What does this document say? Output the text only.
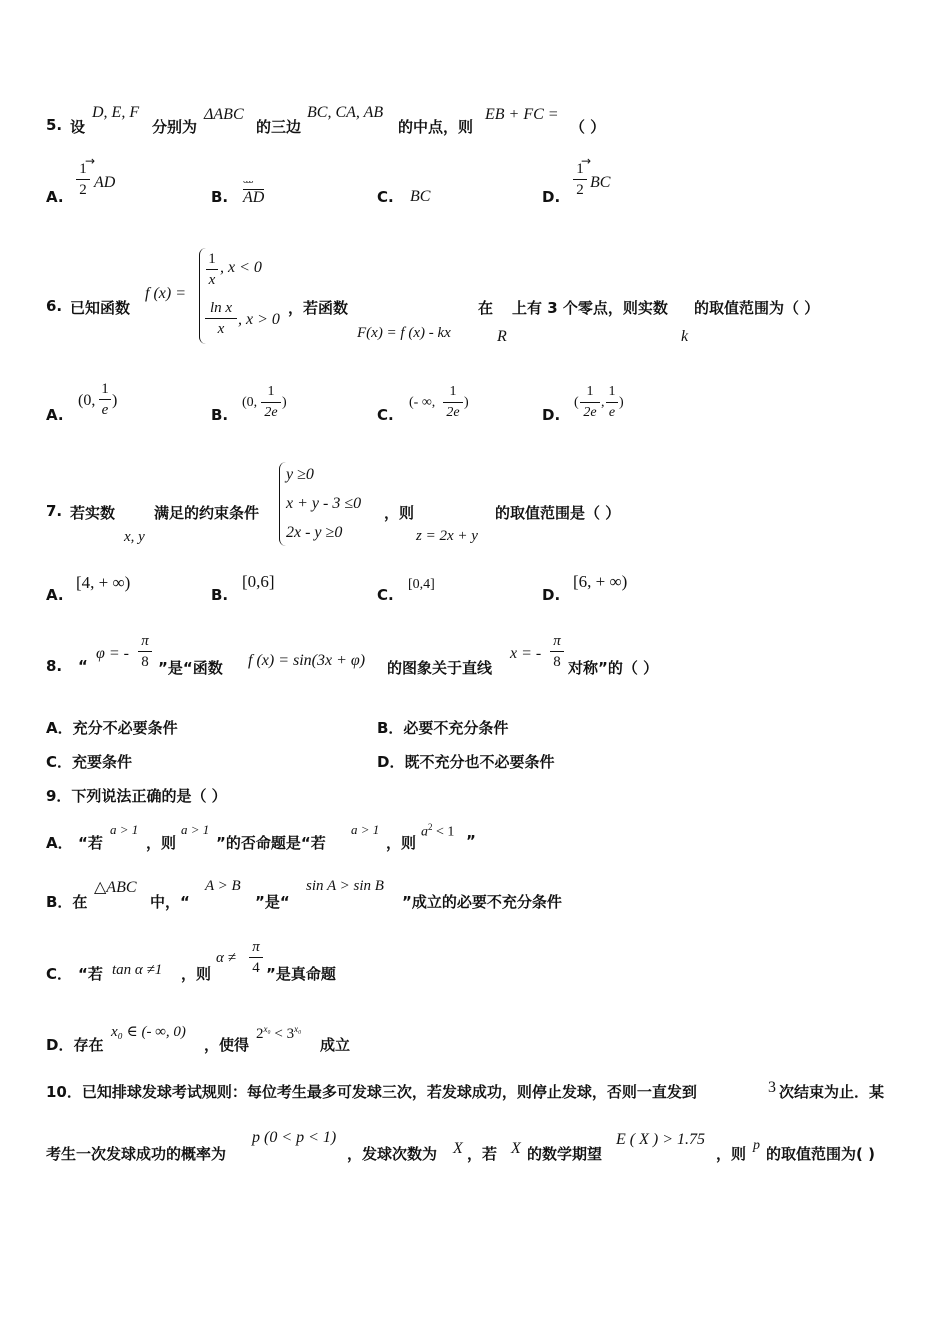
5. 设
D, E, F
分别为
ΔABC
的三边
BC, CA, AB
的中点，则
EB + FC =
（ ）
A.
1
2
→
AD
B.
ᵕᵕᵕ
AD	C. BC	D.
1
2
→
BC
6. 已知函数
f (x) =
1
x
, x < 0
ln x
x
, x > 0
，若函数
F(x) = f (x) - kx
在
R
上有 3 个零点，则实数
k
的取值范围为（ ）
A.
(0,
1
e
)
B.
(0,
1
2e
)
C.
(- ∞,
1
2e
)
D.
(
1
2e
,
1
e
)
7. 若实数
x, y
满足的约束条件
y ≥0
x + y - 3 ≤0
2x - y ≥0
，则
z = 2x + y
的取值范围是（ ）
A.
[4, + ∞)
B.
[0,6]
C.
[0,4]
D.
[6, + ∞)
8. “
φ = -
π
8 ”是“函数 f (x) = sin(3x + φ) 的图象关于直线
x = -
π
8 对称”的（ ）
A．充分不必要条件	B．必要不充分条件
C．充要条件	D．既不充分也不必要条件
9．下列说法正确的是（ ）
A． “若
a > 1
，则
a > 1
”的否命题是“若
a > 1
，则
$a^2 < 1$ ”
B．在
△ABC
中，“
A > B
”是“
sin A > sin B
”成立的必要不充分条件
C． “若 tan α ≠1 ，则
α ≠
π
4 ”是真命题
D．存在
x₀ ∈ (- ∞, 0)
，使得
$2^{x_0} < 3^{x_0}$
成立
10．已知排球发球考试规则：每位考生最多可发球三次，若发球成功，则停止发球，否则一直发到	3 次结束为止．某
考生一次发球成功的概率为
p (0 < p < 1)
，发球次数为 X ，若 X 的数学期望
E ( X ) > 1.75
，则 p 的取值范围为( )
